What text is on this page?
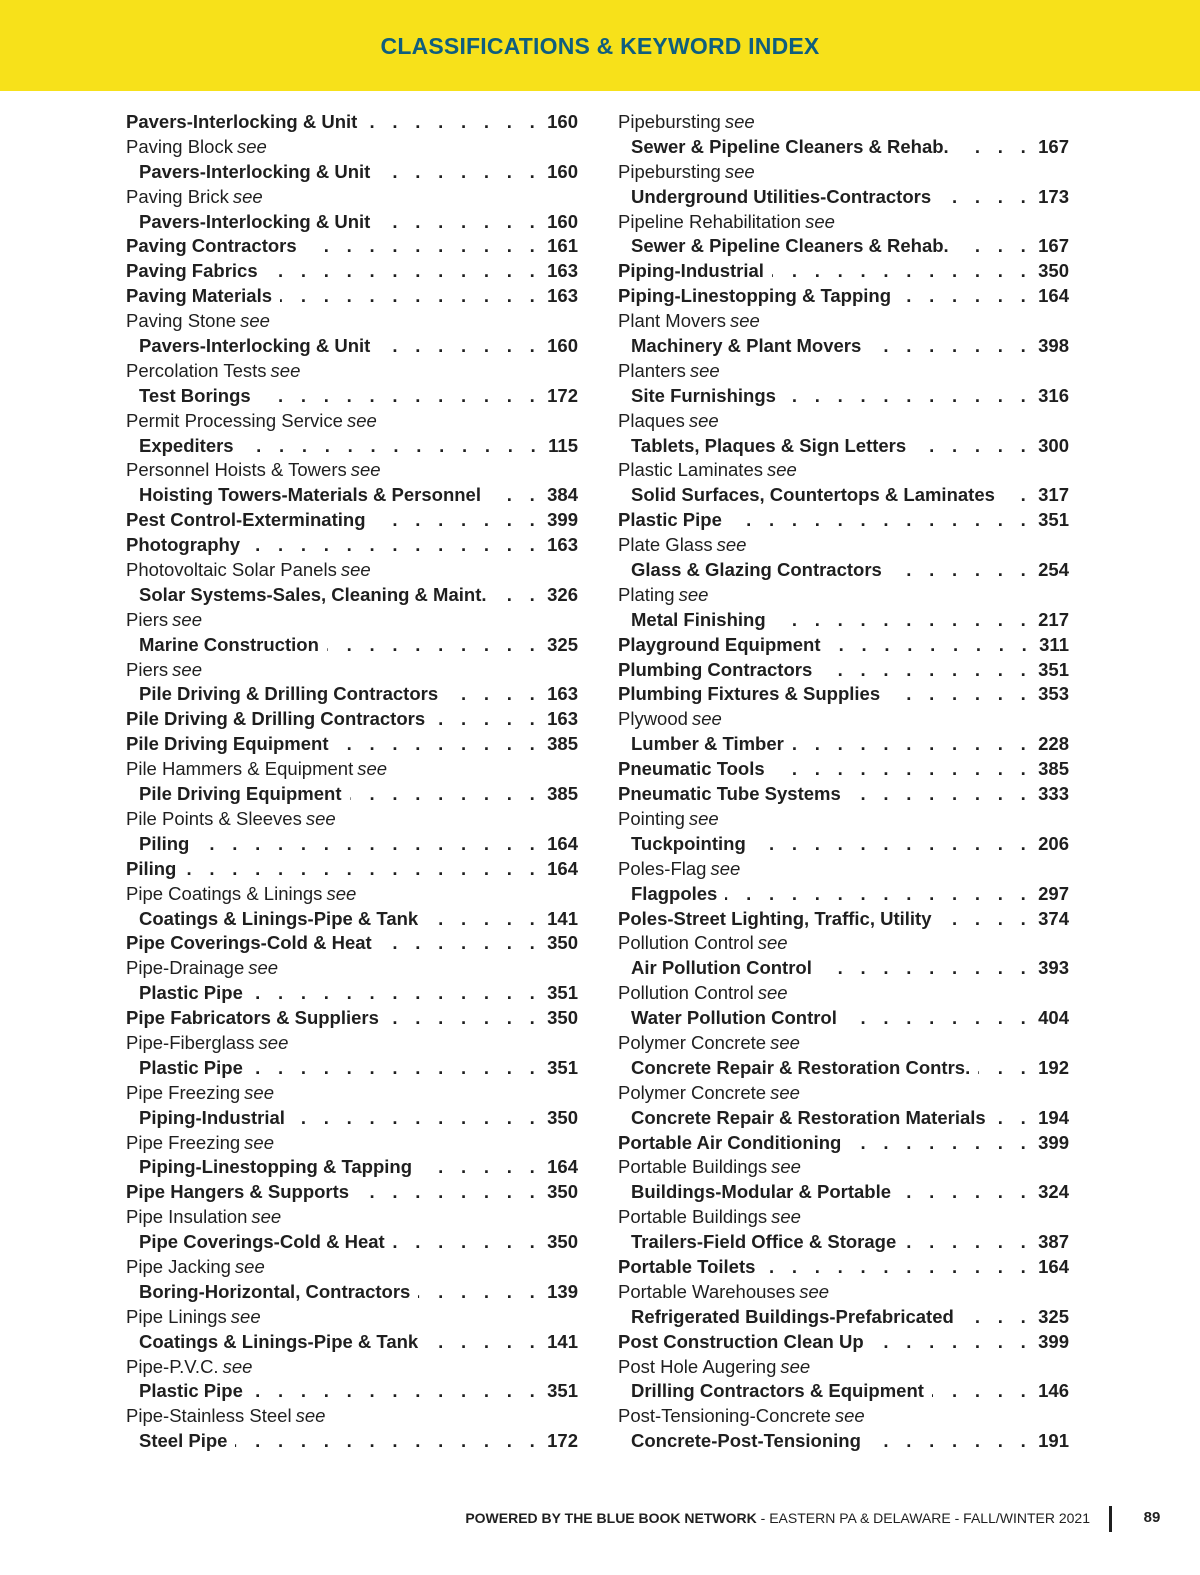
CLASSIFICATIONS & KEYWORD INDEX
Pavers-Interlocking & Unit . . .	160
Paving Block see
Pavers-Interlocking & Unit . . .	160
Paving Brick see
Pavers-Interlocking & Unit . . .	160
Paving Contractors . . .	161
Paving Fabrics . . .	163
Paving Materials . . .	163
Paving Stone see
Pavers-Interlocking & Unit . . .	160
Percolation Tests see
Test Borings . . .	172
Permit Processing Service see
Expediters . . .	115
Personnel Hoists & Towers see
Hoisting Towers-Materials & Personnel . . .	384
Pest Control-Exterminating . . .	399
Photography . . .	163
Photovoltaic Solar Panels see
Solar Systems-Sales, Cleaning & Maint. . . .	326
Piers see
Marine Construction . . .	325
Piers see
Pile Driving & Drilling Contractors . . .	163
Pile Driving & Drilling Contractors . . .	163
Pile Driving Equipment . . .	385
Pile Hammers & Equipment see
Pile Driving Equipment . . .	385
Pile Points & Sleeves see
Piling . . .	164
Piling . . .	164
Pipe Coatings & Linings see
Coatings & Linings-Pipe & Tank . . .	141
Pipe Coverings-Cold & Heat . . .	350
Pipe-Drainage see
Plastic Pipe . . .	351
Pipe Fabricators & Suppliers . . .	350
Pipe-Fiberglass see
Plastic Pipe . . .	351
Pipe Freezing see
Piping-Industrial . . .	350
Pipe Freezing see
Piping-Linestopping & Tapping . . .	164
Pipe Hangers & Supports . . .	350
Pipe Insulation see
Pipe Coverings-Cold & Heat . . .	350
Pipe Jacking see
Boring-Horizontal, Contractors . . .	139
Pipe Linings see
Coatings & Linings-Pipe & Tank . . .	141
Pipe-P.V.C. see
Plastic Pipe . . .	351
Pipe-Stainless Steel see
Steel Pipe . . .	172
Pipebursting see
Sewer & Pipeline Cleaners & Rehab. . . .	167
Pipebursting see
Underground Utilities-Contractors . . .	173
Pipeline Rehabilitation see
Sewer & Pipeline Cleaners & Rehab. . . .	167
Piping-Industrial . . .	350
Piping-Linestopping & Tapping . . .	164
Plant Movers see
Machinery & Plant Movers . . .	398
Planters see
Site Furnishings . . .	316
Plaques see
Tablets, Plaques & Sign Letters . . .	300
Plastic Laminates see
Solid Surfaces, Countertops & Laminates . . . 317
Plastic Pipe . . .	351
Plate Glass see
Glass & Glazing Contractors . . .	254
Plating see
Metal Finishing . . .	217
Playground Equipment . . .	311
Plumbing Contractors . . .	351
Plumbing Fixtures & Supplies . . .	353
Plywood see
Lumber & Timber . . .	228
Pneumatic Tools . . .	385
Pneumatic Tube Systems . . .	333
Pointing see
Tuckpointing . . .	206
Poles-Flag see
Flagpoles . . .	297
Poles-Street Lighting, Traffic, Utility . . .	374
Pollution Control see
Air Pollution Control . . .	393
Pollution Control see
Water Pollution Control . . .	404
Polymer Concrete see
Concrete Repair & Restoration Contrs. . . .	192
Polymer Concrete see
Concrete Repair & Restoration Materials . . .	194
Portable Air Conditioning . . .	399
Portable Buildings see
Buildings-Modular & Portable . . .	324
Portable Buildings see
Trailers-Field Office & Storage . . .	387
Portable Toilets . . .	164
Portable Warehouses see
Refrigerated Buildings-Prefabricated . . .	325
Post Construction Clean Up . . .	399
Post Hole Augering see
Drilling Contractors & Equipment . . .	146
Post-Tensioning-Concrete see
Concrete-Post-Tensioning . . .	191
POWERED BY THE BLUE BOOK NETWORK - EASTERN PA & DELAWARE - FALL/WINTER 2021	89
